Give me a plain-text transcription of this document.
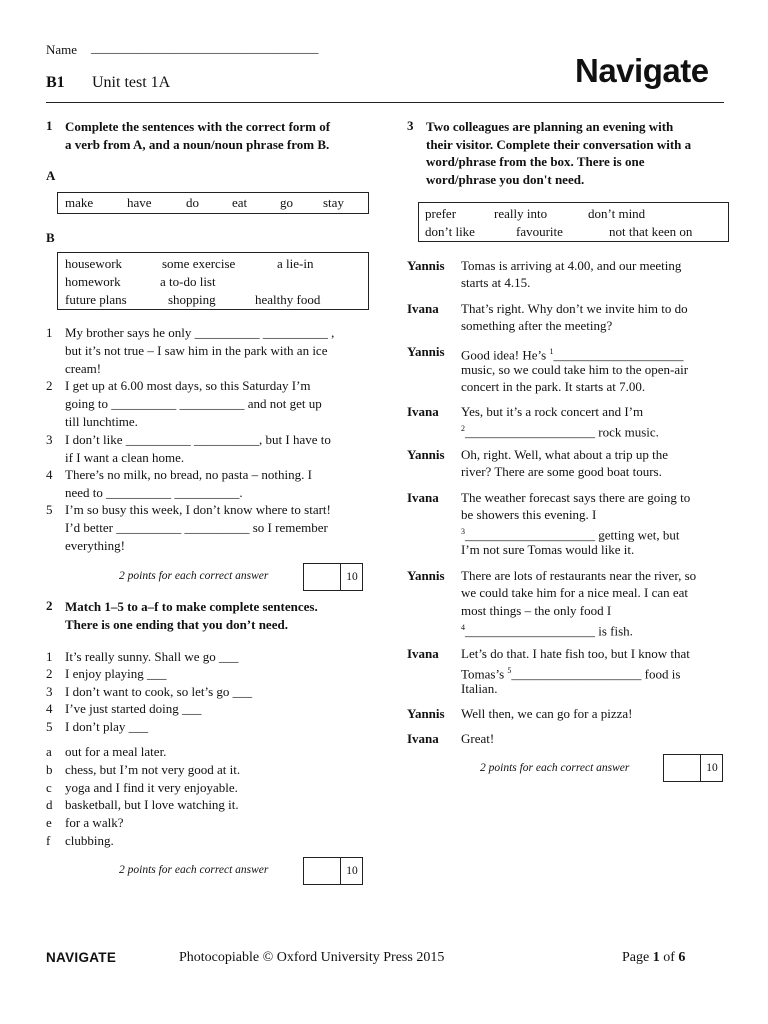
Name ___________________________________
B1 Unit test 1A	Navigate
1 Complete the sentences with the correct form of
a verb from A, and a noun/noun phrase from B.
A
make	have	do	eat	go stay
B
housework	some exercise	a lie-in
homework	a to-do list
future plans	shopping	healthy food
1 My brother says he only __________ __________ ,
but it’s not true – I saw him in the park with an ice
cream!
2 I get up at 6.00 most days, so this Saturday I’m
going to __________ __________ and not get up
till lunchtime.
3 I don’t like __________ __________, but I have to
if I want a clean home.
4 There’s no milk, no bread, no pasta – nothing. I
need to __________ __________.
5 I’m so busy this week, I don’t know where to start!
I’d better __________ __________ so I remember
everything!
2 points for each correct answer	10
2 Match 1–5 to a–f to make complete sentences.
There is one ending that you don’t need.
1 It’s really sunny. Shall we go ___
2 I enjoy playing ___
3 I don’t want to cook, so let’s go ___
4 I’ve just started doing ___
5 I don’t play ___
a out for a meal later.
b chess, but I’m not very good at it.
c yoga and I find it very enjoyable.
d basketball, but I love watching it.
e for a walk?
f clubbing.
2 points for each correct answer	10
3 Two colleagues are planning an evening with
their visitor. Complete their conversation with a
word/phrase from the box. There is one
word/phrase you don't need.
prefer	really into	don’t mind
don’t like	favourite	not that keen on
Yannis Tomas is arriving at 4.00, and our meeting
starts at 4.15.
Ivana That’s right. Why don’t we invite him to do
something after the meeting?
Yannis Good idea! He’s $^1$____________________
music, so we could take him to the open-air
concert in the park. It starts at 7.00.
Ivana Yes, but it’s a rock concert and I’m
$^2$____________________ rock music.
Yannis Oh, right. Well, what about a trip up the
river? There are some good boat tours.
Ivana The weather forecast says there are going to
be showers this evening. I
$^3$____________________ getting wet, but
I’m not sure Tomas would like it.
Yannis There are lots of restaurants near the river, so
we could take him for a nice meal. I can eat
most things – the only food I
$^4$____________________ is fish.
Ivana Let’s do that. I hate fish too, but I know that
Tomas’s $^5$____________________ food is
Italian.
Yannis Well then, we can go for a pizza!
Ivana Great!
2 points for each correct answer	10
NAVIGATE	Photocopiable © Oxford University Press 2015	Page 1 of 6
